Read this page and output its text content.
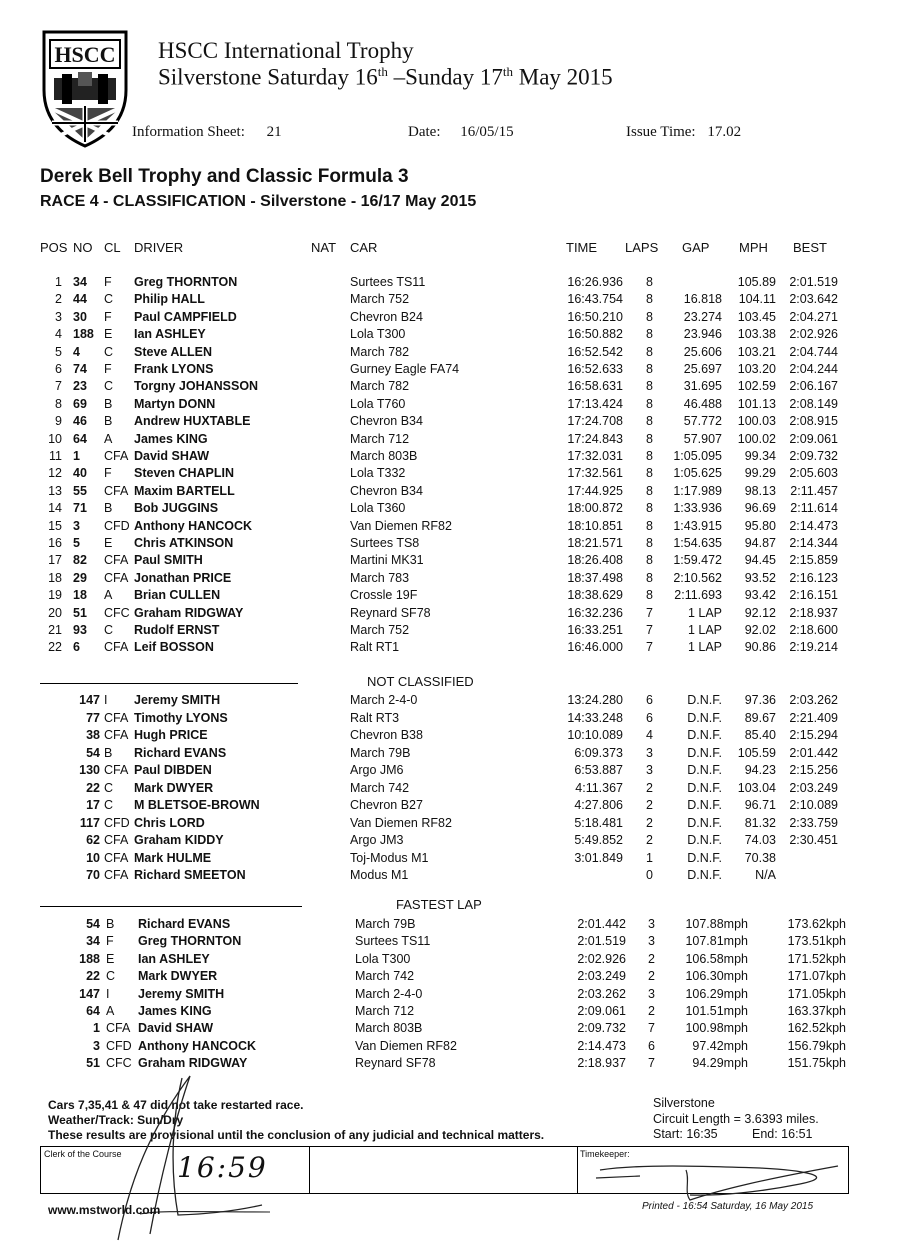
HSCC HSCC International Trophy
Silverstone Saturday 16th –Sunday 17th May 2015
Information Sheet: 21	Date: 16/05/15	Issue Time: 17.02
Derek Bell Trophy and Classic Formula 3
RACE 4 - CLASSIFICATION - Silverstone - 16/17 May 2015
POS NO CL DRIVER	NAT CAR	TIME LAPS GAP MPH BEST
1 34 F Greg THORNTON	Surtees TS11	16:26.936 8	105.89 2:01.519
2 44 C Philip HALL	March 752	16:43.754 8 16.818 104.11 2:03.642
3 30 F Paul CAMPFIELD	Chevron B24	16:50.210 8 23.274 103.45 2:04.271
4 188 E Ian ASHLEY	Lola T300	16:50.882 8 23.946 103.38 2:02.926
5 4 C Steve ALLEN	March 782	16:52.542 8 25.606 103.21 2:04.744
6 74 F Frank LYONS	Gurney Eagle FA74	16:52.633 8 25.697 103.20 2:04.244
7 23 C Torgny JOHANSSON	March 782	16:58.631 8 31.695 102.59 2:06.167
8 69 B Martyn DONN	Lola T760	17:13.424 8 46.488 101.13 2:08.149
9 46 B Andrew HUXTABLE	Chevron B34	17:24.708 8 57.772 100.03 2:08.915
10 64 A James KING	March 712	17:24.843 8 57.907 100.02 2:09.061
11 1 CFA David SHAW	March 803B	17:32.031 8 1:05.095 99.34 2:09.732
12 40 F Steven CHAPLIN	Lola T332	17:32.561 8 1:05.625 99.29 2:05.603
13 55 CFA Maxim BARTELL	Chevron B34	17:44.925 8 1:17.989 98.13 2:11.457
14 71 B Bob JUGGINS	Lola T360	18:00.872 8 1:33.936 96.69 2:11.614
15 3 CFD Anthony HANCOCK	Van Diemen RF82	18:10.851 8 1:43.915 95.80 2:14.473
16 5 E Chris ATKINSON	Surtees TS8	18:21.571 8 1:54.635 94.87 2:14.344
17 82 CFA Paul SMITH	Martini MK31	18:26.408 8 1:59.472 94.45 2:15.859
18 29 CFA Jonathan PRICE	March 783	18:37.498 8 2:10.562 93.52 2:16.123
19 18 A Brian CULLEN	Crossle 19F	18:38.629 8 2:11.693 93.42 2:16.151
20 51 CFC Graham RIDGWAY	Reynard SF78	16:32.236 7	1 LAP 92.12 2:18.937
21 93 C Rudolf ERNST	March 752	16:33.251 7	1 LAP 92.02 2:18.600
22 6 CFA Leif BOSSON	Ralt RT1	16:46.000 7	1 LAP 90.86 2:19.214
NOT CLASSIFIED
147 I Jeremy SMITH	March 2-4-0	13:24.280 6	D.N.F. 97.36 2:03.262
77 CFA Timothy LYONS	Ralt RT3	14:33.248 6	D.N.F. 89.67 2:21.409
38 CFA Hugh PRICE	Chevron B38	10:10.089 4	D.N.F. 85.40 2:15.294
54 B Richard EVANS	March 79B	6:09.373 3	D.N.F. 105.59 2:01.442
130 CFA Paul DIBDEN	Argo JM6	6:53.887 3	D.N.F. 94.23 2:15.256
22 C Mark DWYER	March 742	4:11.367 2	D.N.F. 103.04 2:03.249
17 C M BLETSOE-BROWN	Chevron B27	4:27.806 2	D.N.F. 96.71 2:10.089
117 CFD Chris LORD	Van Diemen RF82	5:18.481 2	D.N.F. 81.32 2:33.759
62 CFA Graham KIDDY	Argo JM3	5:49.852 2	D.N.F. 74.03 2:30.451
10 CFA Mark HULME	Toj-Modus M1	3:01.849 1	D.N.F. 70.38
70 CFA Richard SMEETON	Modus M1	0	D.N.F.	N/A
FASTEST LAP
54 B Richard EVANS	March 79B	2:01.442 3 107.88mph	173.62kph
34 F Greg THORNTON	Surtees TS11	2:01.519 3 107.81mph	173.51kph
188 E Ian ASHLEY	Lola T300	2:02.926 2 106.58mph	171.52kph
22 C Mark DWYER	March 742	2:03.249 2 106.30mph	171.07kph
147 I Jeremy SMITH	March 2-4-0	2:03.262 3 106.29mph	171.05kph
64 A James KING	March 712	2:09.061 2 101.51mph	163.37kph
1 CFA David SHAW	March 803B	2:09.732 7 100.98mph	162.52kph
3 CFD Anthony HANCOCK	Van Diemen RF82	2:14.473 6	97.42mph	156.79kph
51 CFC Graham RIDGWAY	Reynard SF78	2:18.937 7	94.29mph	151.75kph
Cars 7,35,41 & 47 did not take restarted race.
Weather/Track: Sun/Dry
These results are provisional until the conclusion of any judicial and technical matters.
Silverstone
Circuit Length = 3.6393 miles.
Start: 16:35	End: 16:51
Clerk of the Course	Timekeeper:
16:59
www.mstworld.com	Printed - 16:54 Saturday, 16 May 2015
